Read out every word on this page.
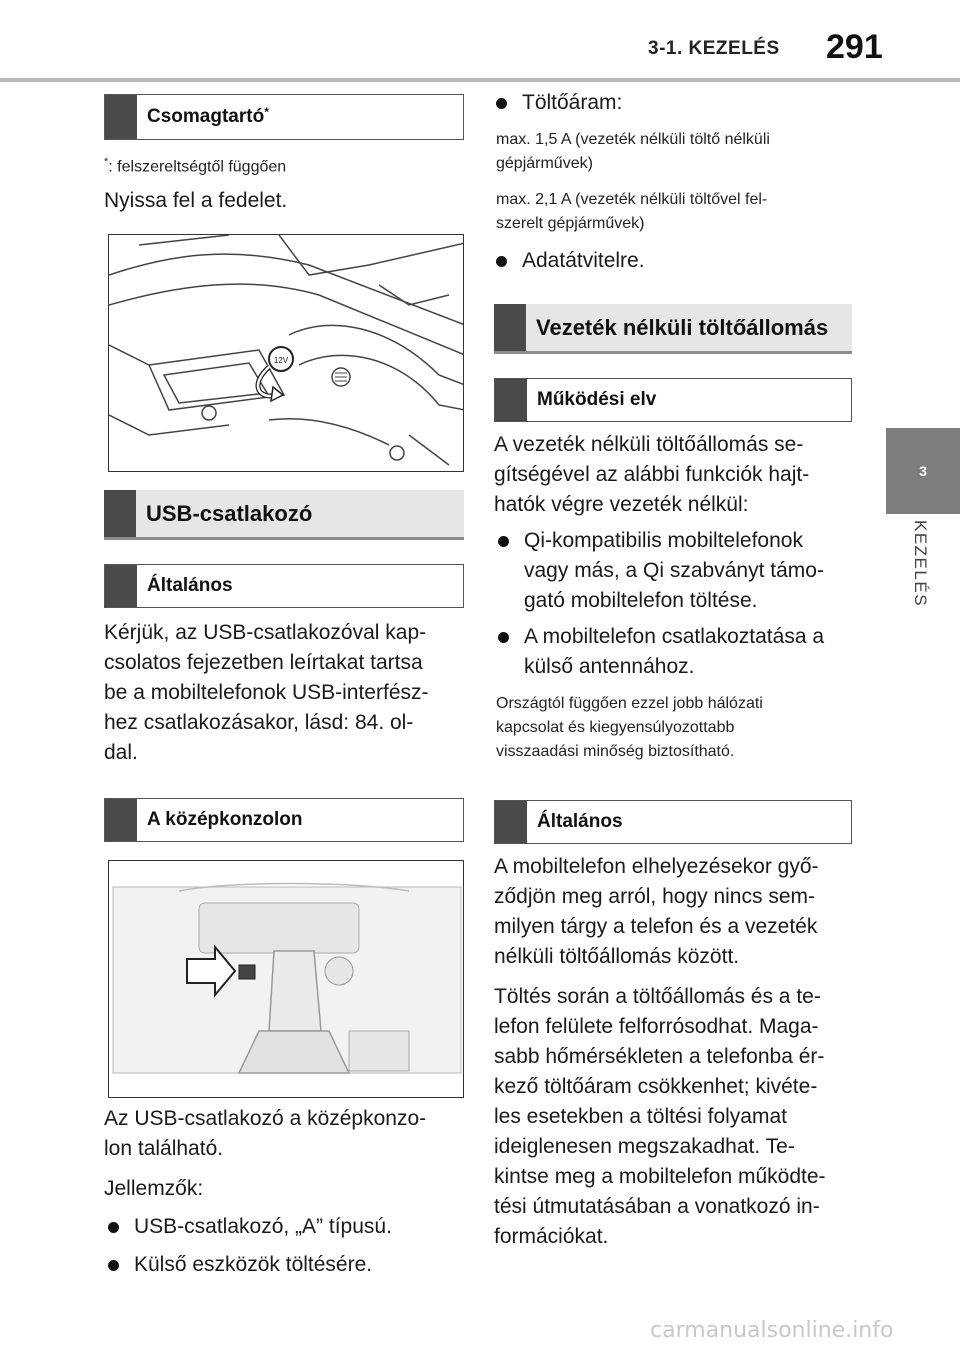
3-1. KEZELÉS 291
3
KEZELÉS
Csomagtartó*
*: felszereltségtől függően
Nyissa fel a fedelet.
12V
USB-csatlakozó
Általános
Kérjük, az USB-csatlakozóval kap-
csolatos fejezetben leírtakat tartsa
be a mobiltelefonok USB-interfész-
hez csatlakozásakor, lásd: 84. ol-
dal.
A középkonzolon
Az USB-csatlakozó a középkonzo-
lon található.
Jellemzők:
USB-csatlakozó, „A” típusú.
Külső eszközök töltésére.
Töltőáram:
max. 1,5 A (vezeték nélküli töltő nélküli
gépjárművek)
max. 2,1 A (vezeték nélküli töltővel fel-
szerelt gépjárművek)
Adatátvitelre.
Vezeték nélküli töltőállomás
Működési elv
A vezeték nélküli töltőállomás se-
gítségével az alábbi funkciók hajt-
hatók végre vezeték nélkül:
Qi-kompatibilis mobiltelefonok
vagy más, a Qi szabványt támo-
gató mobiltelefon töltése.
A mobiltelefon csatlakoztatása a
külső antennához.
Országtól függően ezzel jobb hálózati
kapcsolat és kiegyensúlyozottabb
visszaadási minőség biztosítható.
Általános
A mobiltelefon elhelyezésekor győ-
ződjön meg arról, hogy nincs sem-
milyen tárgy a telefon és a vezeték
nélküli töltőállomás között.
Töltés során a töltőállomás és a te-
lefon felülete felforrósodhat. Maga-
sabb hőmérsékleten a telefonba ér-
kező töltőáram csökkenhet; kivéte-
les esetekben a töltési folyamat
ideiglenesen megszakadhat. Te-
kintse meg a mobiltelefon működte-
tési útmutatásában a vonatkozó in-
formációkat.
carmanualsonline.info
